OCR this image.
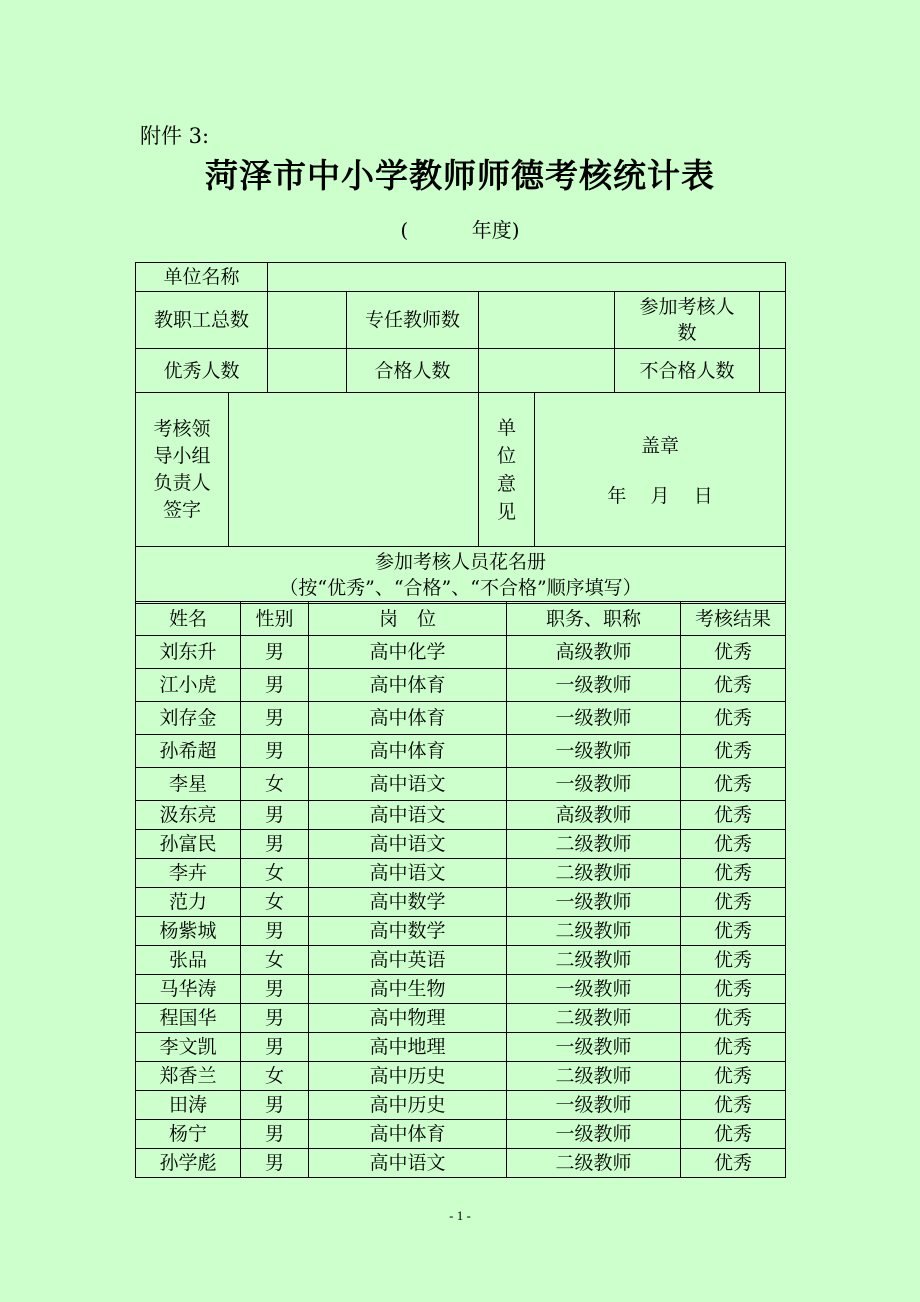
附件 3:
菏泽市中小学教师师德考核统计表
(          年度)
单位名称							
教职工总数			专任教师数			参加考核人数	
优秀人数			合格人数			不合格人数	
考核领导小组负责人签字				单位意见	盖章
年    月    日		

参加考核人员花名册
（按“优秀”、“合格”、“不合格”顺序填写）							
姓名	性别	岗　位	职务、职称	考核结果
刘东升	男	高中化学	高级教师	优秀
江小虎	男	高中体育	一级教师	优秀
刘存金	男	高中体育	一级教师	优秀
孙希超	男	高中体育	一级教师	优秀
李星	女	高中语文	一级教师	优秀
汲东亮	男	高中语文	高级教师	优秀
孙富民	男	高中语文	二级教师	优秀
李卉	女	高中语文	二级教师	优秀
范力	女	高中数学	一级教师	优秀
杨紫城	男	高中数学	二级教师	优秀
张品	女	高中英语	二级教师	优秀
马华涛	男	高中生物	一级教师	优秀
程国华	男	高中物理	二级教师	优秀
李文凯	男	高中地理	一级教师	优秀
郑香兰	女	高中历史	二级教师	优秀
田涛	男	高中历史	一级教师	优秀
杨宁	男	高中体育	一级教师	优秀
孙学彪	男	高中语文	二级教师	优秀
- 1 -
